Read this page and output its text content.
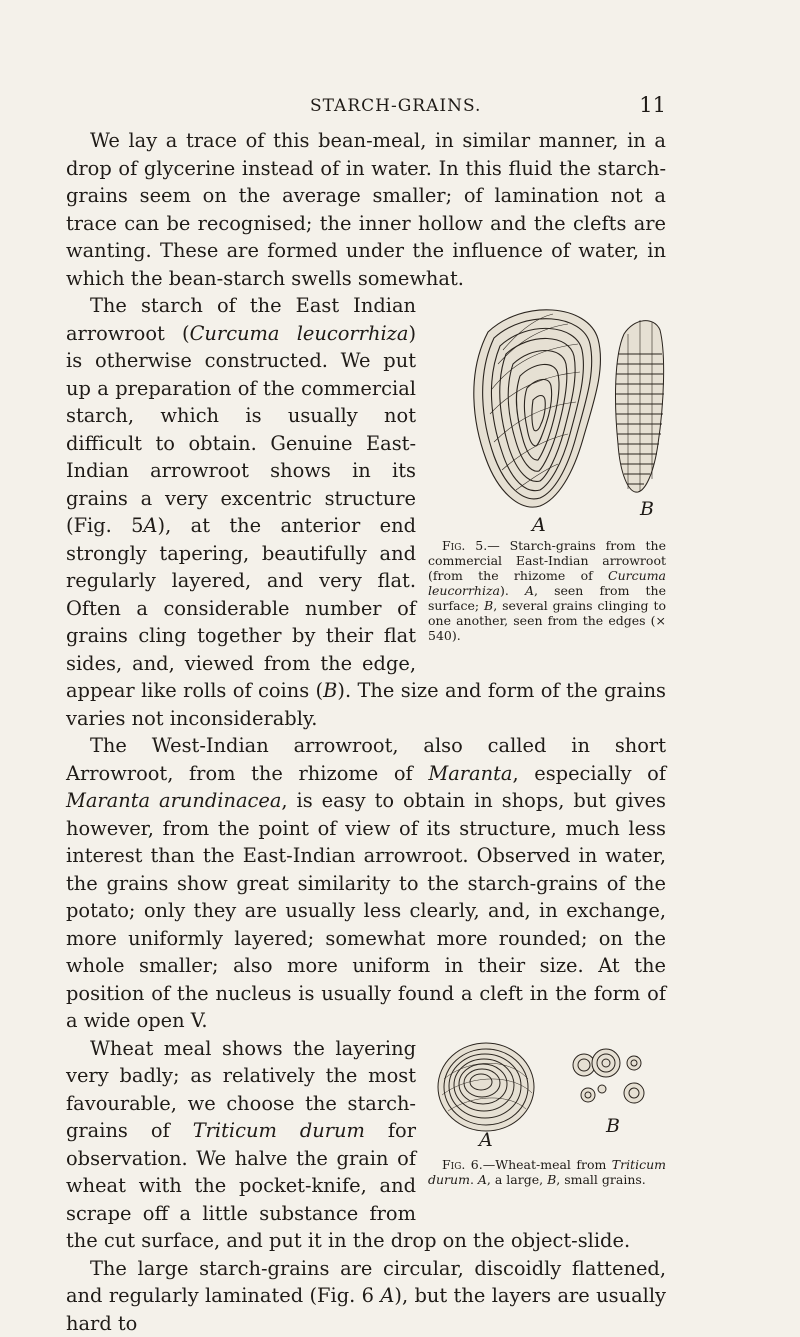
STARCH-GRAINS.	11

We lay a trace of this bean-meal, in similar manner, in a drop of glycerine instead of in water. In this fluid the starch-grains seem on the average smaller; of lamination not a trace can be recognised; the inner hollow and the clefts are wanting. These are formed under the influence of water, in which the bean-starch swells somewhat.

A
B
Fig. 5.— Starch-grains from the commercial East-Indian arrowroot (from the rhizome of Curcuma leucorrhiza). A, seen from the surface; B, several grains clinging to one another, seen from the edges (× 540).

The starch of the East Indian arrowroot (Curcuma leucorrhiza) is otherwise constructed. We put up a preparation of the commercial starch, which is usually not difficult to obtain. Genuine East-Indian arrowroot shows in its grains a very excentric structure (Fig. 5A), at the anterior end strongly tapering, beautifully and regularly layered, and very flat. Often a considerable number of grains cling together by their flat sides, and, viewed from the edge, appear like rolls of coins (B). The size and form of the grains varies not inconsiderably.

The West-Indian arrowroot, also called in short Arrowroot, from the rhizome of Maranta, especially of Maranta arundinacea, is easy to obtain in shops, but gives however, from the point of view of its structure, much less interest than the East-Indian arrowroot. Observed in water, the grains show great similarity to the starch-grains of the potato; only they are usually less clearly, and, in exchange, more uniformly layered; somewhat more rounded; on the whole smaller; also more uniform in their size. At the position of the nucleus is usually found a cleft in the form of a wide open V.

A
B
Fig. 6.—Wheat-meal from Triticum durum. A, a large, B, small grains.

Wheat meal shows the layering very badly; as relatively the most favourable, we choose the starch-grains of Triticum durum for observation. We halve the grain of wheat with the pocket-knife, and scrape off a little substance from the cut surface, and put it in the drop on the object-slide.

The large starch-grains are circular, discoidly flattened, and regularly laminated (Fig. 6 A), but the layers are usually hard to
